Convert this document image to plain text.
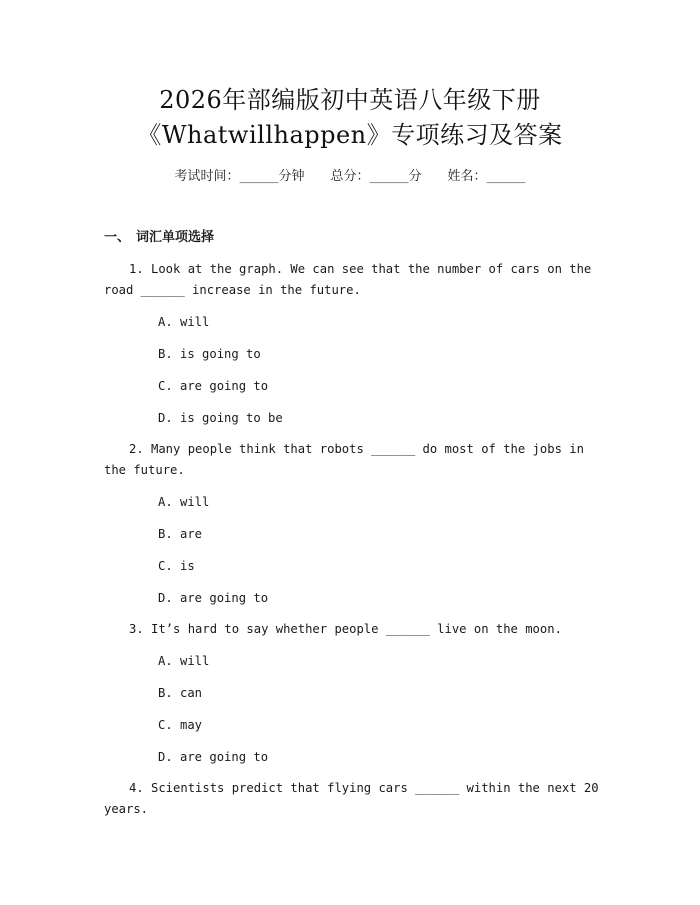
2026年部编版初中英语八年级下册
《Whatwillhappen》专项练习及答案
考试时间：______分钟 总分：______分 姓名：______
一、 词汇单项选择
1. Look at the graph. We can see that the number of cars on the road ______ increase in the future.
A. will
B. is going to
C. are going to
D. is going to be
2. Many people think that robots ______ do most of the jobs in the future.
A. will
B. are
C. is
D. are going to
3. It’s hard to say whether people ______ live on the moon.
A. will
B. can
C. may
D. are going to
4. Scientists predict that flying cars ______ within the next 20 years.
